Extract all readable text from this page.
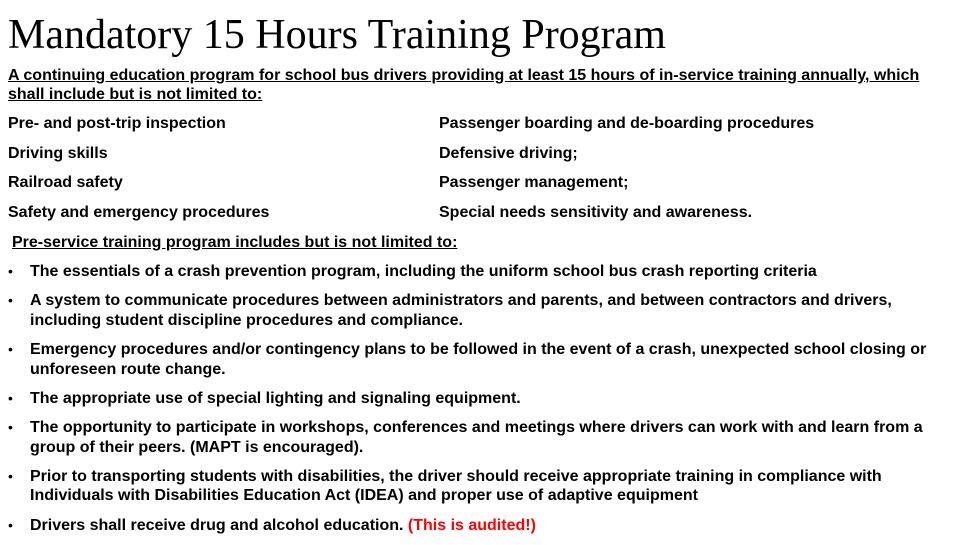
Mandatory 15 Hours Training Program
A continuing education program for school bus drivers providing at least 15 hours of in-service training annually, which shall include but is not limited to:
Pre- and post-trip inspection	Passenger boarding and de-boarding procedures
Driving skills	Defensive driving;
Railroad safety	Passenger management;
Safety and emergency procedures	Special needs sensitivity and awareness.
Pre-service training program includes but is not limited to:
• The essentials of a crash prevention program, including the uniform school bus crash reporting criteria
• A system to communicate procedures between administrators and parents, and between contractors and drivers, including student discipline procedures and compliance.
• Emergency procedures and/or contingency plans to be followed in the event of a crash, unexpected school closing or unforeseen route change.
• The appropriate use of special lighting and signaling equipment.
• The opportunity to participate in workshops, conferences and meetings where drivers can work with and learn from a group of their peers. (MAPT is encouraged).
• Prior to transporting students with disabilities, the driver should receive appropriate training in compliance with Individuals with Disabilities Education Act (IDEA) and proper use of adaptive equipment
• Drivers shall receive drug and alcohol education. (This is audited!)
